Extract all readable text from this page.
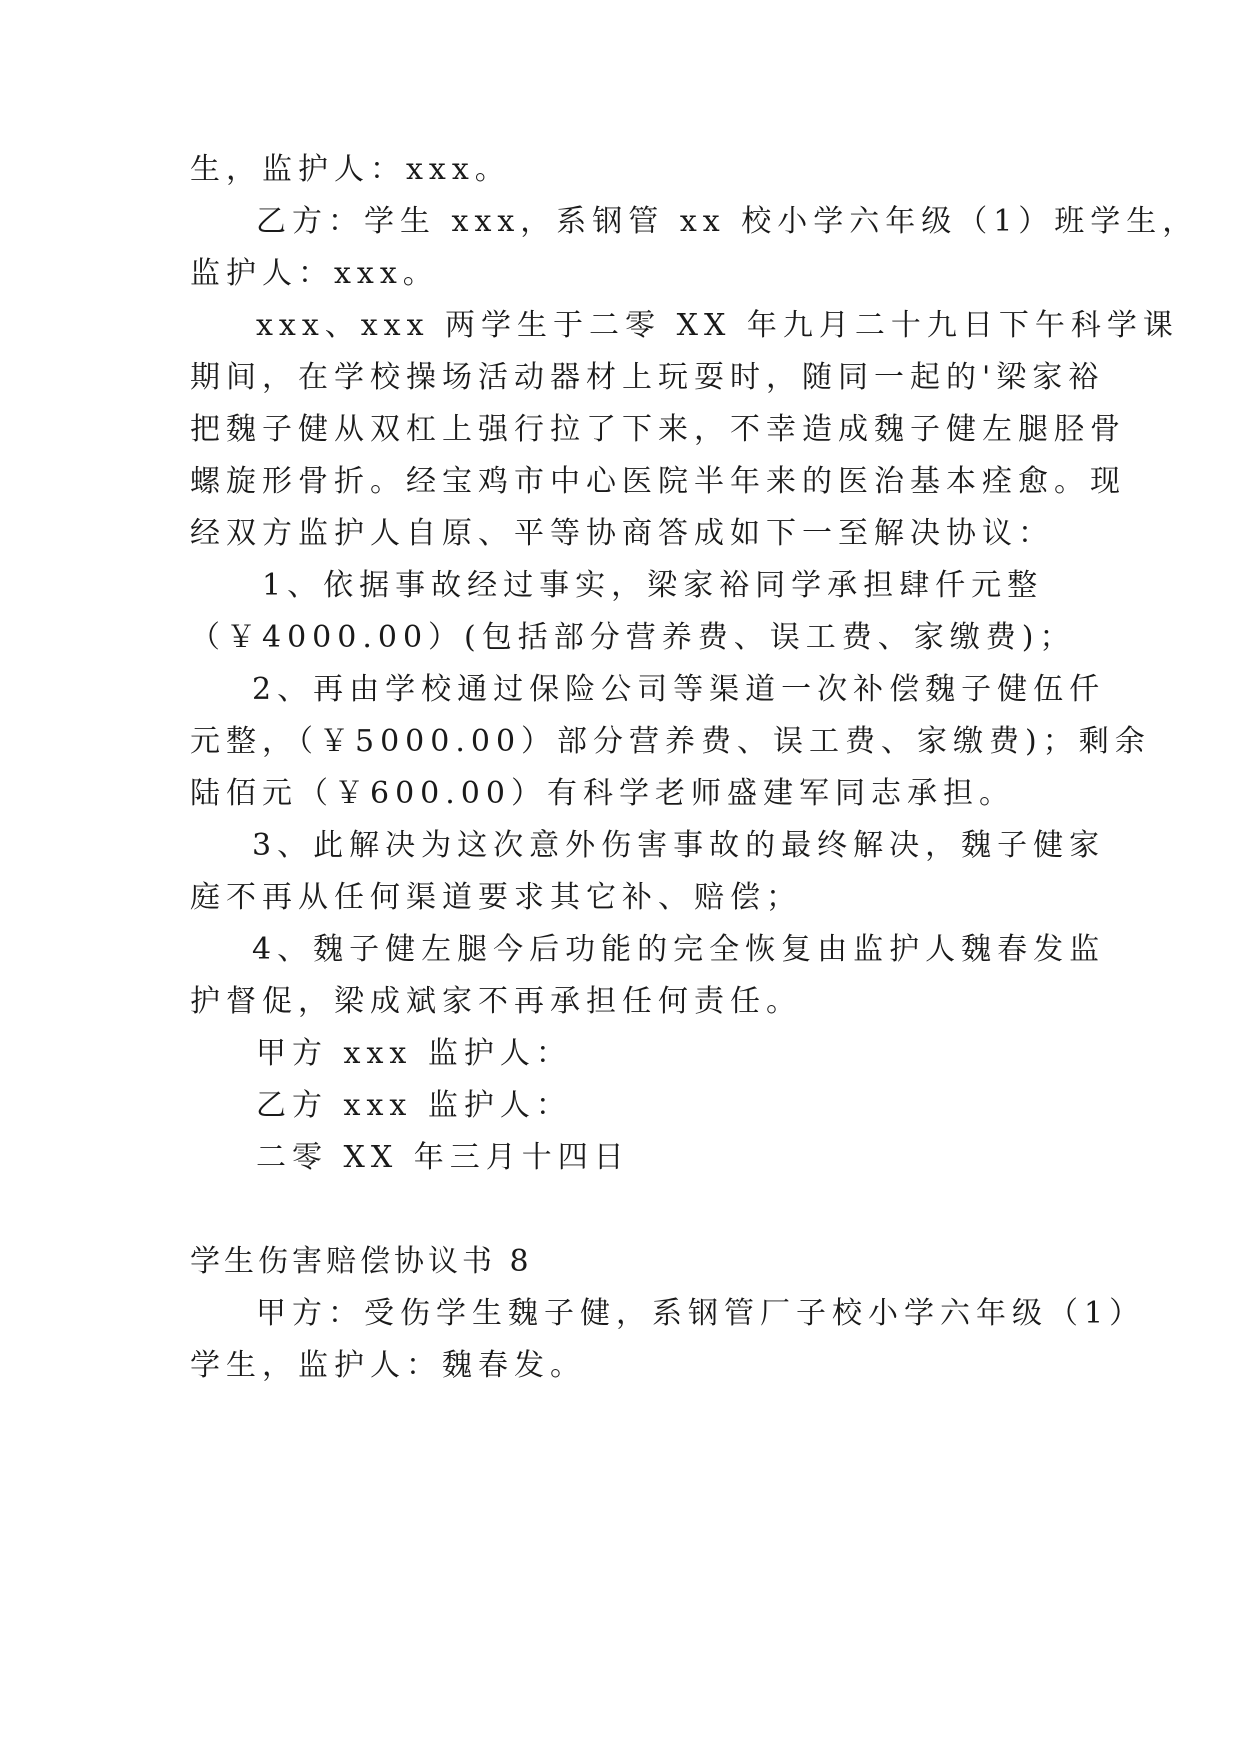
生，监护人：xxx。
乙方：学生 xxx，系钢管 xx 校小学六年级（1）班学生，
监护人：xxx。
xxx、xxx 两学生于二零 XX 年九月二十九日下午科学课
期间，在学校操场活动器材上玩耍时，随同一起的'梁家裕
把魏子健从双杠上强行拉了下来，不幸造成魏子健左腿胫骨
螺旋形骨折。经宝鸡市中心医院半年来的医治基本痊愈。现
经双方监护人自原、平等协商答成如下一至解决协议：
1、依据事故经过事实，梁家裕同学承担肆仟元整
（￥4000.00）(包括部分营养费、误工费、家缴费)；
2、再由学校通过保险公司等渠道一次补偿魏子健伍仟
元整，（￥5000.00）部分营养费、误工费、家缴费)；剩余
陆佰元（￥600.00）有科学老师盛建军同志承担。
3、此解决为这次意外伤害事故的最终解决，魏子健家
庭不再从任何渠道要求其它补、赔偿；
4、魏子健左腿今后功能的完全恢复由监护人魏春发监
护督促，梁成斌家不再承担任何责任。
甲方 xxx 监护人：
乙方 xxx 监护人：
二零 XX 年三月十四日
学生伤害赔偿协议书 8
甲方：受伤学生魏子健，系钢管厂子校小学六年级（1）
学生，监护人：魏春发。
